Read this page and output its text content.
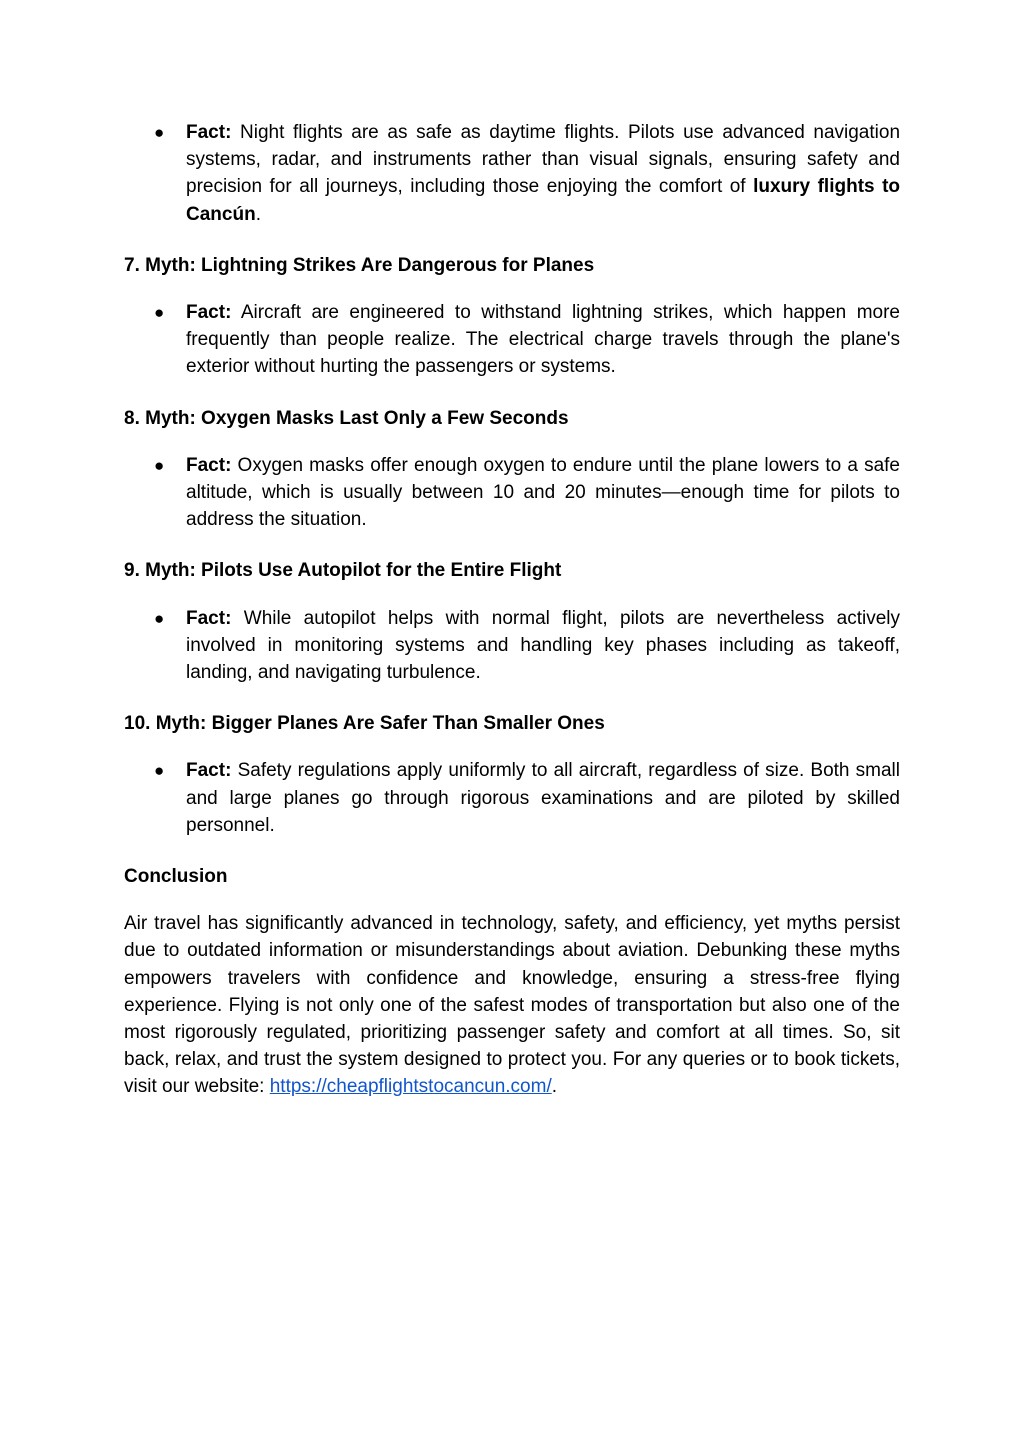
● Fact: Night flights are as safe as daytime flights. Pilots use advanced navigation systems, radar, and instruments rather than visual signals, ensuring safety and precision for all journeys, including those enjoying the comfort of luxury flights to Cancún.
7. Myth: Lightning Strikes Are Dangerous for Planes
● Fact: Aircraft are engineered to withstand lightning strikes, which happen more frequently than people realize. The electrical charge travels through the plane's exterior without hurting the passengers or systems.
8. Myth: Oxygen Masks Last Only a Few Seconds
● Fact: Oxygen masks offer enough oxygen to endure until the plane lowers to a safe altitude, which is usually between 10 and 20 minutes—enough time for pilots to address the situation.
9. Myth: Pilots Use Autopilot for the Entire Flight
● Fact: While autopilot helps with normal flight, pilots are nevertheless actively involved in monitoring systems and handling key phases including as takeoff, landing, and navigating turbulence.
10. Myth: Bigger Planes Are Safer Than Smaller Ones
● Fact: Safety regulations apply uniformly to all aircraft, regardless of size. Both small and large planes go through rigorous examinations and are piloted by skilled personnel.
Conclusion

Air travel has significantly advanced in technology, safety, and efficiency, yet myths persist due to outdated information or misunderstandings about aviation. Debunking these myths empowers travelers with confidence and knowledge, ensuring a stress-free flying experience. Flying is not only one of the safest modes of transportation but also one of the most rigorously regulated, prioritizing passenger safety and comfort at all times. So, sit back, relax, and trust the system designed to protect you. For any queries or to book tickets, visit our website: https://cheapflightstocancun.com/.
